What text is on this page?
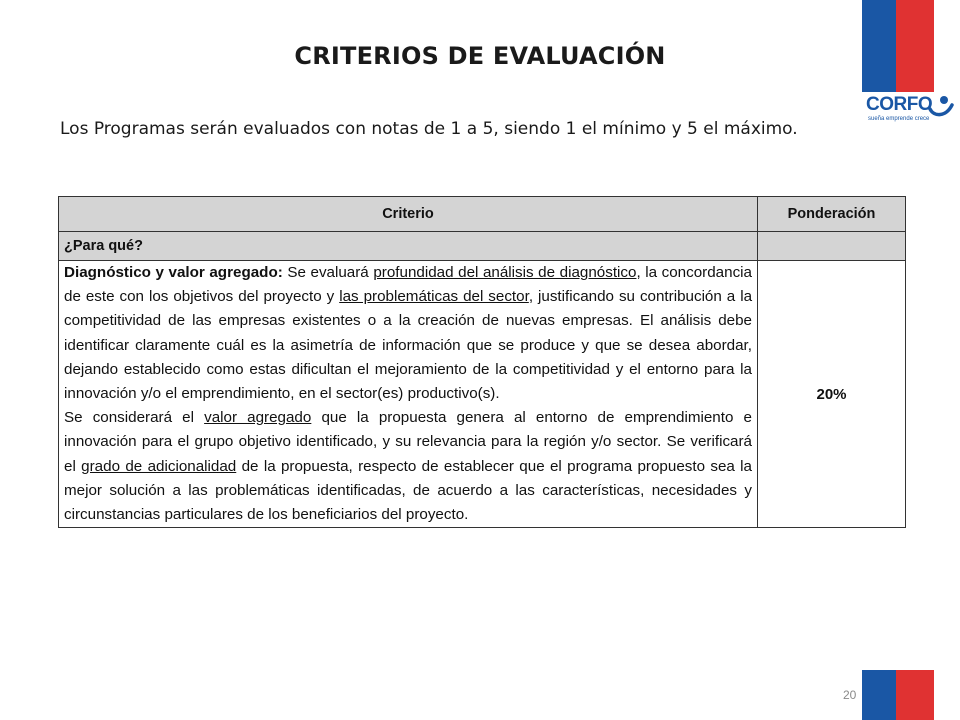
CORFO
sueña emprende crece
CRITERIOS DE EVALUACIÓN
Los Programas serán evaluados con notas de 1 a 5, siendo 1 el mínimo y 5 el máximo.
Criterio	Ponderación
¿Para qué?	

Diagnóstico y valor agregado: Se evaluará profundidad del análisis de diagnóstico, la concordancia de este con los objetivos del proyecto y las problemáticas del sector, justificando su contribución a la competitividad de las empresas existentes o a la creación de nuevas empresas. El análisis debe identificar claramente cuál es la asimetría de información que se produce y que se desea abordar, dejando establecido como estas dificultan el mejoramiento de la competitividad y el entorno para la innovación y/o el emprendimiento, en el sector(es) productivo(s).
Se considerará el valor agregado que la propuesta genera al entorno de emprendimiento e innovación para el grupo objetivo identificado, y su relevancia para la región y/o sector. Se verificará el grado de adicionalidad de la propuesta, respecto de establecer que el programa propuesto sea la mejor solución a las problemáticas identificadas, de acuerdo a las características, necesidades y circunstancias particulares de los beneficiarios del proyecto.	20%
20
